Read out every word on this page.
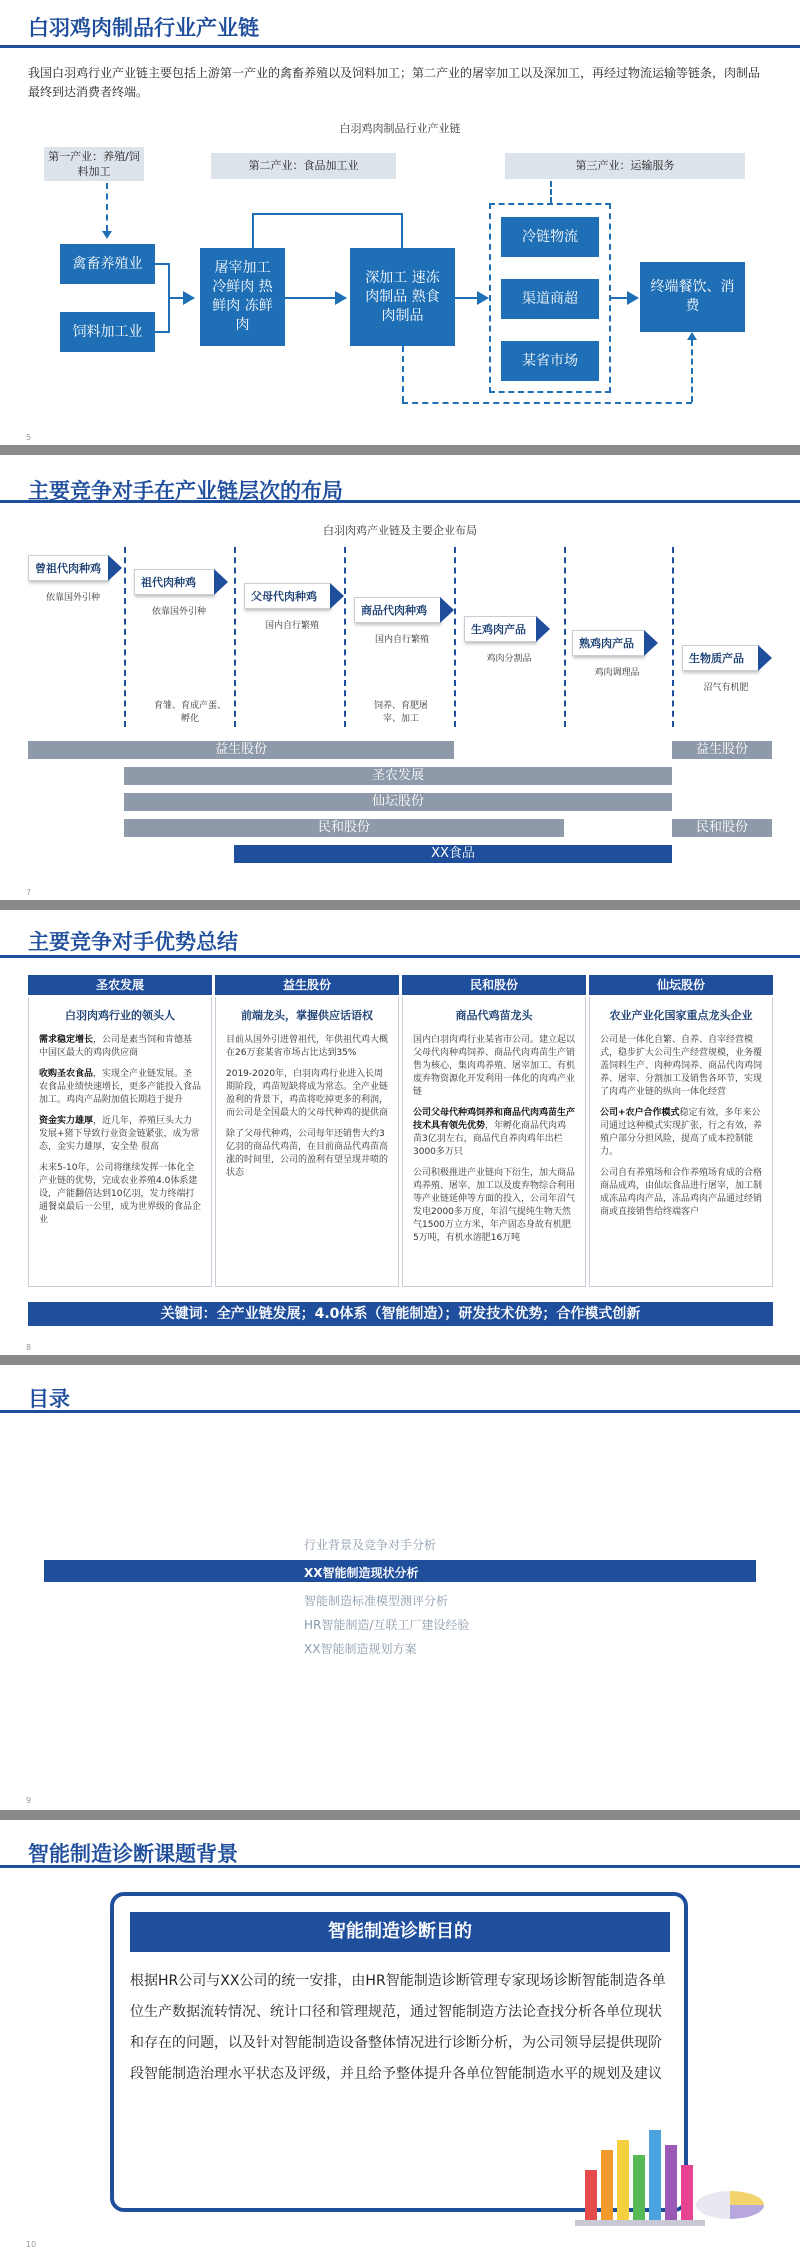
白羽鸡肉制品行业产业链
我国白羽鸡行业产业链主要包括上游第一产业的禽畜养殖以及饲料加工；第二产业的屠宰加工以及深加工，再经过物流运输等链条，肉制品最终到达消费者终端。
白羽鸡肉制品行业产业链
第一产业：养殖/饲料加工	第二产业：食品加工业	第三产业：运输服务
禽畜养殖业
饲料加工业
屠宰加工 冷鲜肉 热鲜肉 冻鲜肉
深加工 速冻肉制品 熟食肉制品
冷链物流
渠道商超
某省市场
终端餐饮、消费
5
主要竞争对手在产业链层次的布局
白羽肉鸡产业链及主要企业布局
曾祖代肉种鸡
依靠国外引种
祖代肉种鸡
依靠国外引种
父母代肉种鸡
国内自行繁殖
商品代肉种鸡
国内自行繁殖
生鸡肉产品
鸡肉分割品
熟鸡肉产品
鸡肉调理品
生物质产品
沼气有机肥
育雏、育成产蛋、孵化
饲养、育肥屠宰、加工
益生股份	益生股份
圣农发展
仙坛股份
民和股份	民和股份
XX食品
7
主要竞争对手优势总结
圣农发展	益生股份	民和股份	仙坛股份
白羽肉鸡行业的领头人

需求稳定增长，公司是素当饲和肯德基中国区最大的鸡肉供应商

收购圣农食品，实现全产业链发展。圣农食品业绩快速增长，更多产能投入食品加工。鸡肉产品附加值长期趋于提升

资金实力雄厚，近几年，养殖巨头大力发展+猪下导致行业资金链紧张，成为常态，金实力雄厚，安全垫 很高

未来5-10年，公司将继续发挥一体化全产业链的优势，完成农业养殖4.0体系建设，产能翻倍达到10亿羽，发力终端打通餐桌最后一公里，成为世界级的食品企业

前端龙头，掌握供应话语权

目前从国外引进曾祖代，年供祖代鸡大概在26万套某省市场占比达到35%

2019-2020年，白羽肉鸡行业进入长周期阶段，鸡苗短缺将成为常态。全产业链盈利的背景下，鸡苗将吃掉更多的利润，而公司是全国最大的父母代种鸡的提供商

除了父母代种鸡，公司每年还销售大约3亿羽的商品代鸡苗，在目前商品代鸡苗高涨的时间里，公司的盈利有望呈现井喷的状态

商品代鸡苗龙头

国内白羽肉鸡行业某省市公司。建立起以父母代肉种鸡饲养、商品代肉鸡苗生产销售为核心，集肉鸡养殖、屠宰加工、有机废弃物资源化开发利用一体化的肉鸡产业链

公司父母代种鸡饲养和商品代肉鸡苗生产技术具有领先优势，年孵化商品代肉鸡苗3亿羽左右，商品代自养肉鸡年出栏3000多万只

公司积极推进产业链向下衍生，加大商品鸡养殖、屠宰、加工以及废弃物综合利用等产业链延伸等方面的投入，公司年沼气发电2000多万度，年沼气提纯生物天然气1500万立方米，年产固态身故有机肥5万吨，有机水溶肥16万吨

农业产业化国家重点龙头企业

公司是一体化自繁、自养、自宰经营模式，稳步扩大公司生产经营规模，业务覆盖饲料生产、肉种鸡饲养、商品代肉鸡饲养、屠宰、分割加工及销售各环节，实现了肉鸡产业链的纵向一体化经营

公司+农户合作模式稳定有效，多年来公司通过这种模式实现扩张，行之有效，养殖户部分分担风险，提高了成本控制能力。

公司自有养殖场和合作养殖场育成的合格商品成鸡，由仙坛食品进行屠宰，加工制成冻品鸡肉产品，冻品鸡肉产品通过经销商或直接销售给终端客户

关键词：全产业链发展；4.0体系（智能制造）；研发技术优势；合作模式创新
8
目录
行业背景及竞争对手分析
XX智能制造现状分析
智能制造标准模型测评分析
HR智能制造/互联工厂建设经验
XX智能制造规划方案
9
智能制造诊断课题背景
智能制造诊断目的
根据HR公司与XX公司的统一安排，由HR智能制造诊断管理专家现场诊断智能制造各单位生产数据流转情况、统计口径和管理规范，通过智能制造方法论查找分析各单位现状和存在的问题，以及针对智能制造设备整体情况进行诊断分析，为公司领导层提供现阶段智能制造治理水平状态及评级，并且给予整体提升各单位智能制造水平的规划及建议
10
